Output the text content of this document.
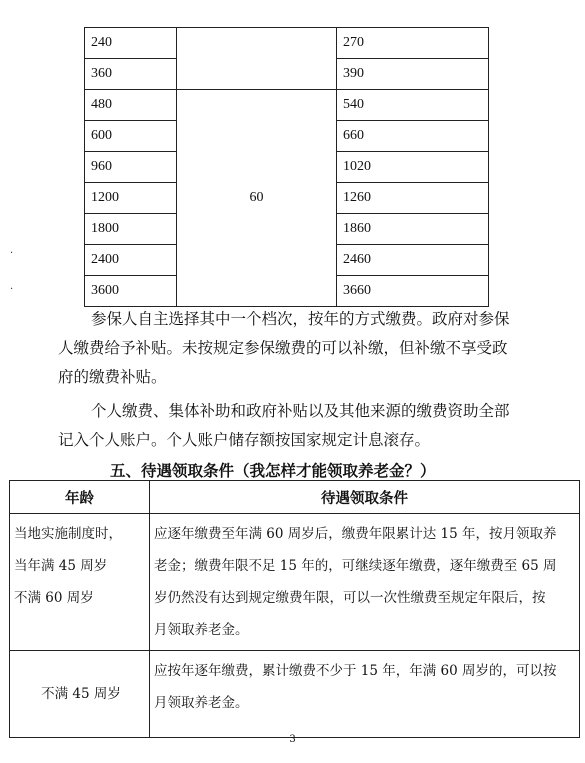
240		270
360		390
480	60	540
600		660
960		1020
1200		1260
1800		1860
2400		2460
3600		3660

参保人自主选择其中一个档次，按年的方式缴费。政府对参保
人缴费给予补贴。未按规定参保缴费的可以补缴，但补缴不享受政
府的缴费补贴。

个人缴费、集体补助和政府补贴以及其他来源的缴费资助全部
记入个人账户。个人账户储存额按国家规定计息滚存。

五、待遇领取条件（我怎样才能领取养老金？）

年龄	待遇领取条件

当地实施制度时，
当年满 45 周岁
不满 60 周岁	应逐年缴费至年满 60 周岁后，缴费年限累计达 15 年，按月领取养
老金；缴费年限不足 15 年的，可继续逐年缴费，逐年缴费至 65 周
岁仍然没有达到规定缴费年限，可以一次性缴费至规定年限后，按
月领取养老金。

不满 45 周岁	应按年逐年缴费，累计缴费不少于 15 年，年满 60 周岁的，可以按
月领取养老金。
3
·
·
